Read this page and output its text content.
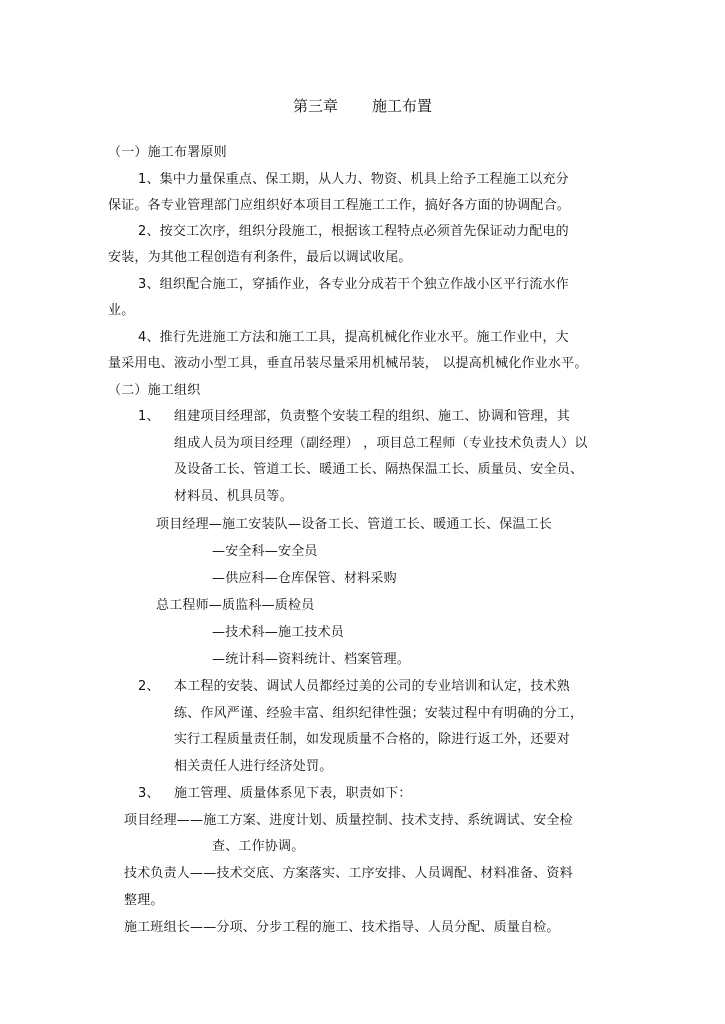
第三章 施工布置
（一）施工布署原则
1、集中力量保重点、保工期，从人力、物资、机具上给予工程施工以充分
保证。各专业管理部门应组织好本项目工程施工工作，搞好各方面的协调配合。
2、按交工次序，组织分段施工，根据该工程特点必须首先保证动力配电的
安装，为其他工程创造有利条件，最后以调试收尾。
3、组织配合施工，穿插作业，各专业分成若干个独立作战小区平行流水作
业。
4、推行先进施工方法和施工工具，提高机械化作业水平。施工作业中，大
量采用电、液动小型工具，垂直吊装尽量采用机械吊装， 以提高机械化作业水平。
（二）施工组织
1、 组建项目经理部，负责整个安装工程的组织、施工、协调和管理，其
组成人员为项目经理（副经理） ，项目总工程师（专业技术负责人）以
及设备工长、管道工长、暖通工长、隔热保温工长、质量员、安全员、
材料员、机具员等。
项目经理—施工安装队—设备工长、管道工长、暖通工长、保温工长
—安全科—安全员
—供应科—仓库保管、材料采购
总工程师—质监科—质检员
—技术科—施工技术员
—统计科—资料统计、档案管理。
2、 本工程的安装、调试人员都经过美的公司的专业培训和认定，技术熟
练、作风严谨、经验丰富、组织纪律性强；安装过程中有明确的分工，
实行工程质量责任制，如发现质量不合格的，除进行返工外，还要对
相关责任人进行经济处罚。
3、 施工管理、质量体系见下表，职责如下：
项目经理——施工方案、进度计划、质量控制、技术支持、系统调试、安全检
查、工作协调。
技术负责人——技术交底、方案落实、工序安排、人员调配、材料准备、资料
整理。
施工班组长——分项、分步工程的施工、技术指导、人员分配、质量自检。
